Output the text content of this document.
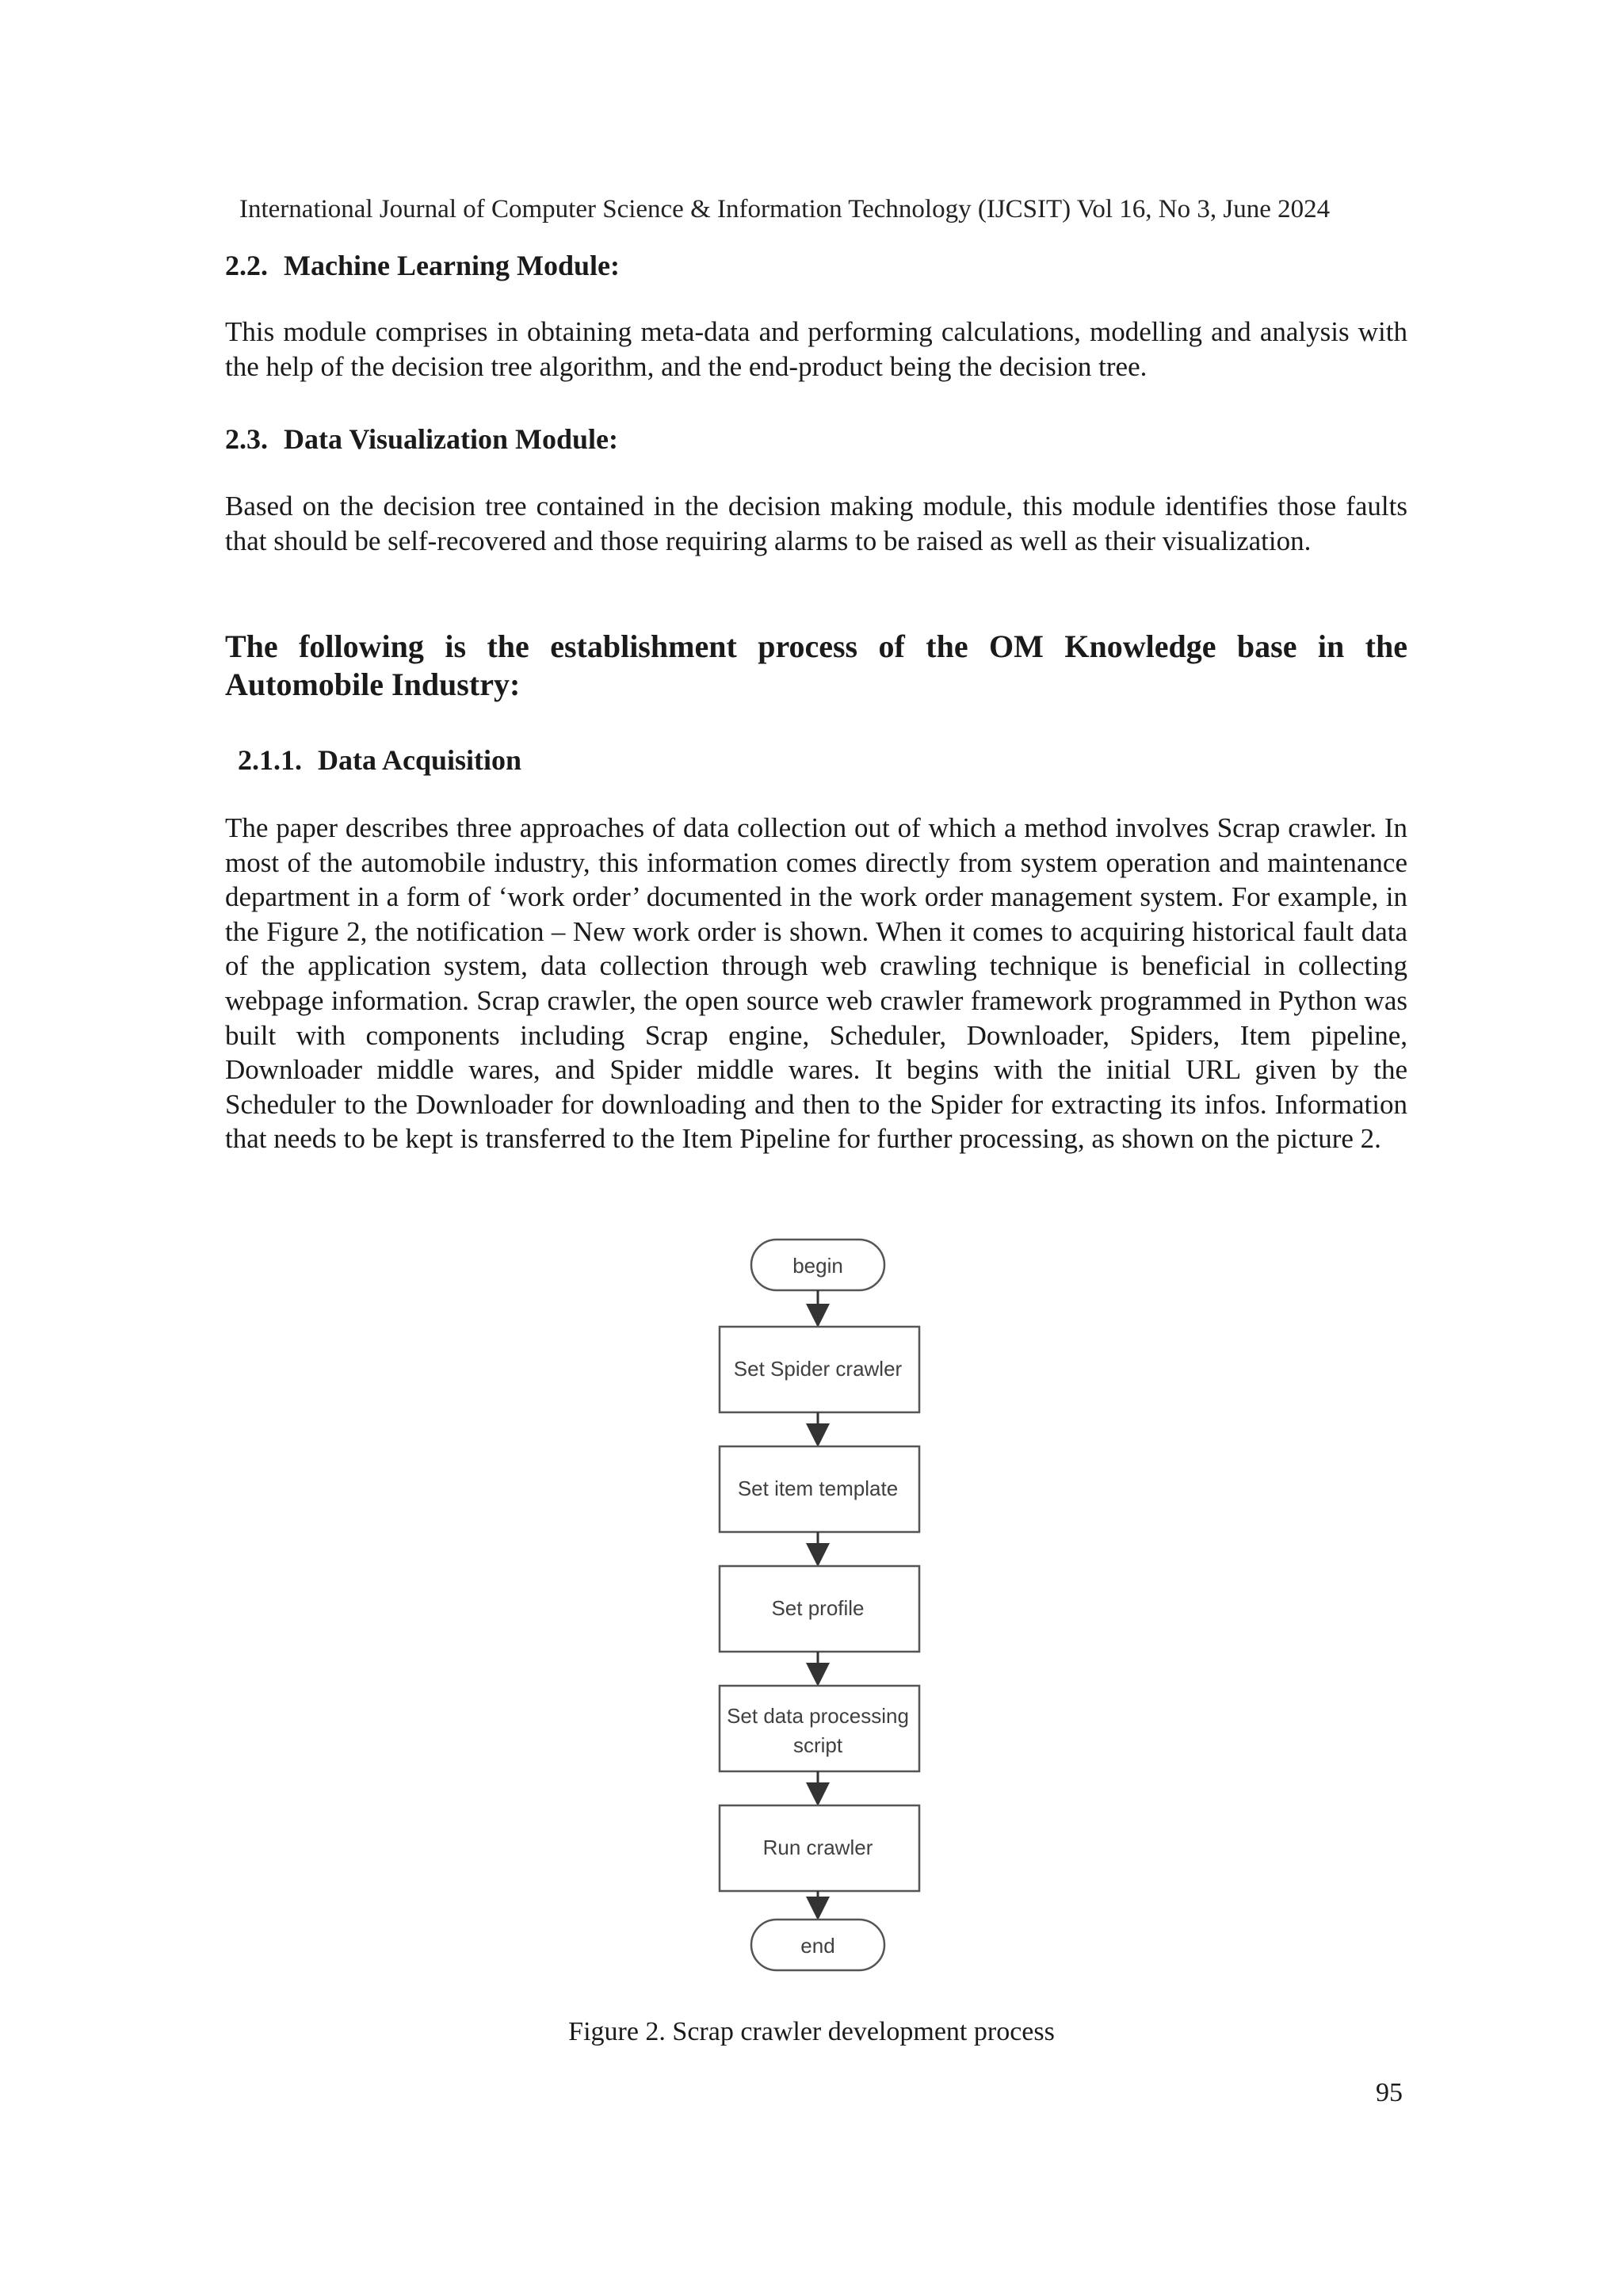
International Journal of Computer Science & Information Technology (IJCSIT) Vol 16, No 3, June 2024
2.2. Machine Learning Module:

This module comprises in obtaining meta-data and performing calculations, modelling and analysis with the help of the decision tree algorithm, and the end-product being the decision tree.

2.3. Data Visualization Module:

Based on the decision tree contained in the decision making module, this module identifies those faults that should be self-recovered and those requiring alarms to be raised as well as their visualization.

The following is the establishment process of the OM Knowledge base in the Automobile Industry:

2.1.1. Data Acquisition

The paper describes three approaches of data collection out of which a method involves Scrap crawler. In most of the automobile industry, this information comes directly from system operation and maintenance department in a form of ‘work order’ documented in the work order management system. For example, in the Figure 2, the notification – New work order is shown. When it comes to acquiring historical fault data of the application system, data collection through web crawling technique is beneficial in collecting webpage information. Scrap crawler, the open source web crawler framework programmed in Python was built with components including Scrap engine, Scheduler, Downloader, Spiders, Item pipeline, Downloader middle wares, and Spider middle wares. It begins with the initial URL given by the Scheduler to the Downloader for downloading and then to the Spider for extracting its infos. Information that needs to be kept is transferred to the Item Pipeline for further processing, as shown on the picture 2.

begin
Set Spider crawler
Set item template
Set profile
Set data processing
script
Run crawler
end
Figure 2. Scrap crawler development process
95
